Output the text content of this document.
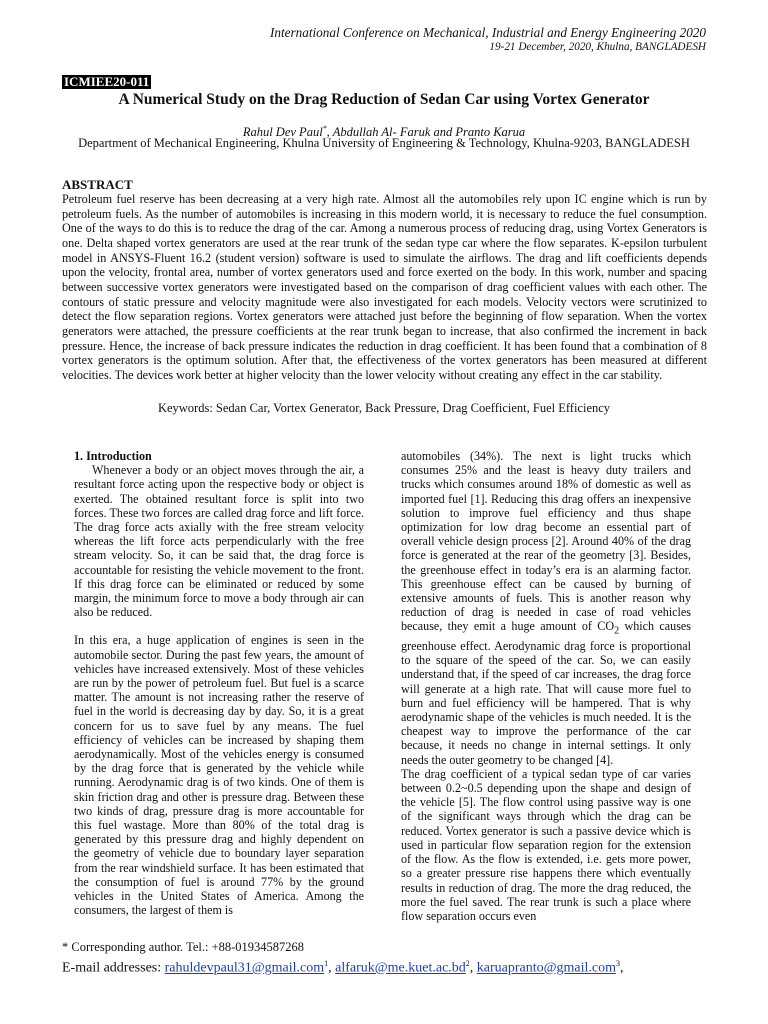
International Conference on Mechanical, Industrial and Energy Engineering 2020
19-21 December, 2020, Khulna, BANGLADESH
ICMIEE20-011
A Numerical Study on the Drag Reduction of Sedan Car using Vortex Generator
Rahul Dev Paul*, Abdullah Al- Faruk and Pranto Karua
Department of Mechanical Engineering, Khulna University of Engineering & Technology, Khulna-9203, BANGLADESH
ABSTRACT
Petroleum fuel reserve has been decreasing at a very high rate. Almost all the automobiles rely upon IC engine which is run by petroleum fuels. As the number of automobiles is increasing in this modern world, it is necessary to reduce the fuel consumption. One of the ways to do this is to reduce the drag of the car. Among a numerous process of reducing drag, using Vortex Generators is one. Delta shaped vortex generators are used at the rear trunk of the sedan type car where the flow separates. K-epsilon turbulent model in ANSYS-Fluent 16.2 (student version) software is used to simulate the airflows. The drag and lift coefficients depends upon the velocity, frontal area, number of vortex generators used and force exerted on the body. In this work, number and spacing between successive vortex generators were investigated based on the comparison of drag coefficient values with each other. The contours of static pressure and velocity magnitude were also investigated for each models. Velocity vectors were scrutinized to detect the flow separation regions. Vortex generators were attached just before the beginning of flow separation. When the vortex generators were attached, the pressure coefficients at the rear trunk began to increase, that also confirmed the increment in back pressure. Hence, the increase of back pressure indicates the reduction in drag coefficient. It has been found that a combination of 8 vortex generators is the optimum solution. After that, the effectiveness of the vortex generators has been measured at different velocities. The devices work better at higher velocity than the lower velocity without creating any effect in the car stability.
Keywords: Sedan Car, Vortex Generator, Back Pressure, Drag Coefficient, Fuel Efficiency

1. Introduction

Whenever a body or an object moves through the air, a resultant force acting upon the respective body or object is exerted. The obtained resultant force is split into two forces. These two forces are called drag force and lift force. The drag force acts axially with the free stream velocity whereas the lift force acts perpendicularly with the free stream velocity. So, it can be said that, the drag force is accountable for resisting the vehicle movement to the front. If this drag force can be eliminated or reduced by some margin, the minimum force to move a body through air can also be reduced.

In this era, a huge application of engines is seen in the automobile sector. During the past few years, the amount of vehicles have increased extensively. Most of these vehicles are run by the power of petroleum fuel. But fuel is a scarce matter. The amount is not increasing rather the reserve of fuel in the world is decreasing day by day. So, it is a great concern for us to save fuel by any means. The fuel efficiency of vehicles can be increased by shaping them aerodynamically. Most of the vehicles energy is consumed by the drag force that is generated by the vehicle while running. Aerodynamic drag is of two kinds. One of them is skin friction drag and other is pressure drag. Between these two kinds of drag, pressure drag is more accountable for this fuel wastage. More than 80% of the total drag is generated by this pressure drag and highly dependent on the geometry of vehicle due to boundary layer separation from the rear windshield surface. It has been estimated that the consumption of fuel is around 77% by the ground vehicles in the United States of America. Among the consumers, the largest of them is

automobiles (34%). The next is light trucks which consumes 25% and the least is heavy duty trailers and trucks which consumes around 18% of domestic as well as imported fuel [1]. Reducing this drag offers an inexpensive solution to improve fuel efficiency and thus shape optimization for low drag become an essential part of overall vehicle design process [2]. Around 40% of the drag force is generated at the rear of the geometry [3]. Besides, the greenhouse effect in today’s era is an alarming factor. This greenhouse effect can be caused by burning of extensive amounts of fuels. This is another reason why reduction of drag is needed in case of road vehicles because, they emit a huge amount of $CO_2$ which causes greenhouse effect. Aerodynamic drag force is proportional to the square of the speed of the car. So, we can easily understand that, if the speed of car increases, the drag force will generate at a high rate. That will cause more fuel to burn and fuel efficiency will be hampered. That is why aerodynamic shape of the vehicles is much needed. It is the cheapest way to improve the performance of the car because, it needs no change in internal settings. It only needs the outer geometry to be changed [4].

The drag coefficient of a typical sedan type of car varies between 0.2~0.5 depending upon the shape and design of the vehicle [5]. The flow control using passive way is one of the significant ways through which the drag can be reduced. Vortex generator is such a passive device which is used in particular flow separation region for the extension of the flow. As the flow is extended, i.e. gets more power, so a greater pressure rise happens there which eventually results in reduction of drag. The more the drag reduced, the more the fuel saved. The rear trunk is such a place where flow separation occurs even

* Corresponding author. Tel.: +88-01934587268
E-mail addresses: rahuldevpaul31@gmail.com$^1$, $alfaruk@me.kuet.ac.bd^2$, karuapranto@gmail.com$^3$,
